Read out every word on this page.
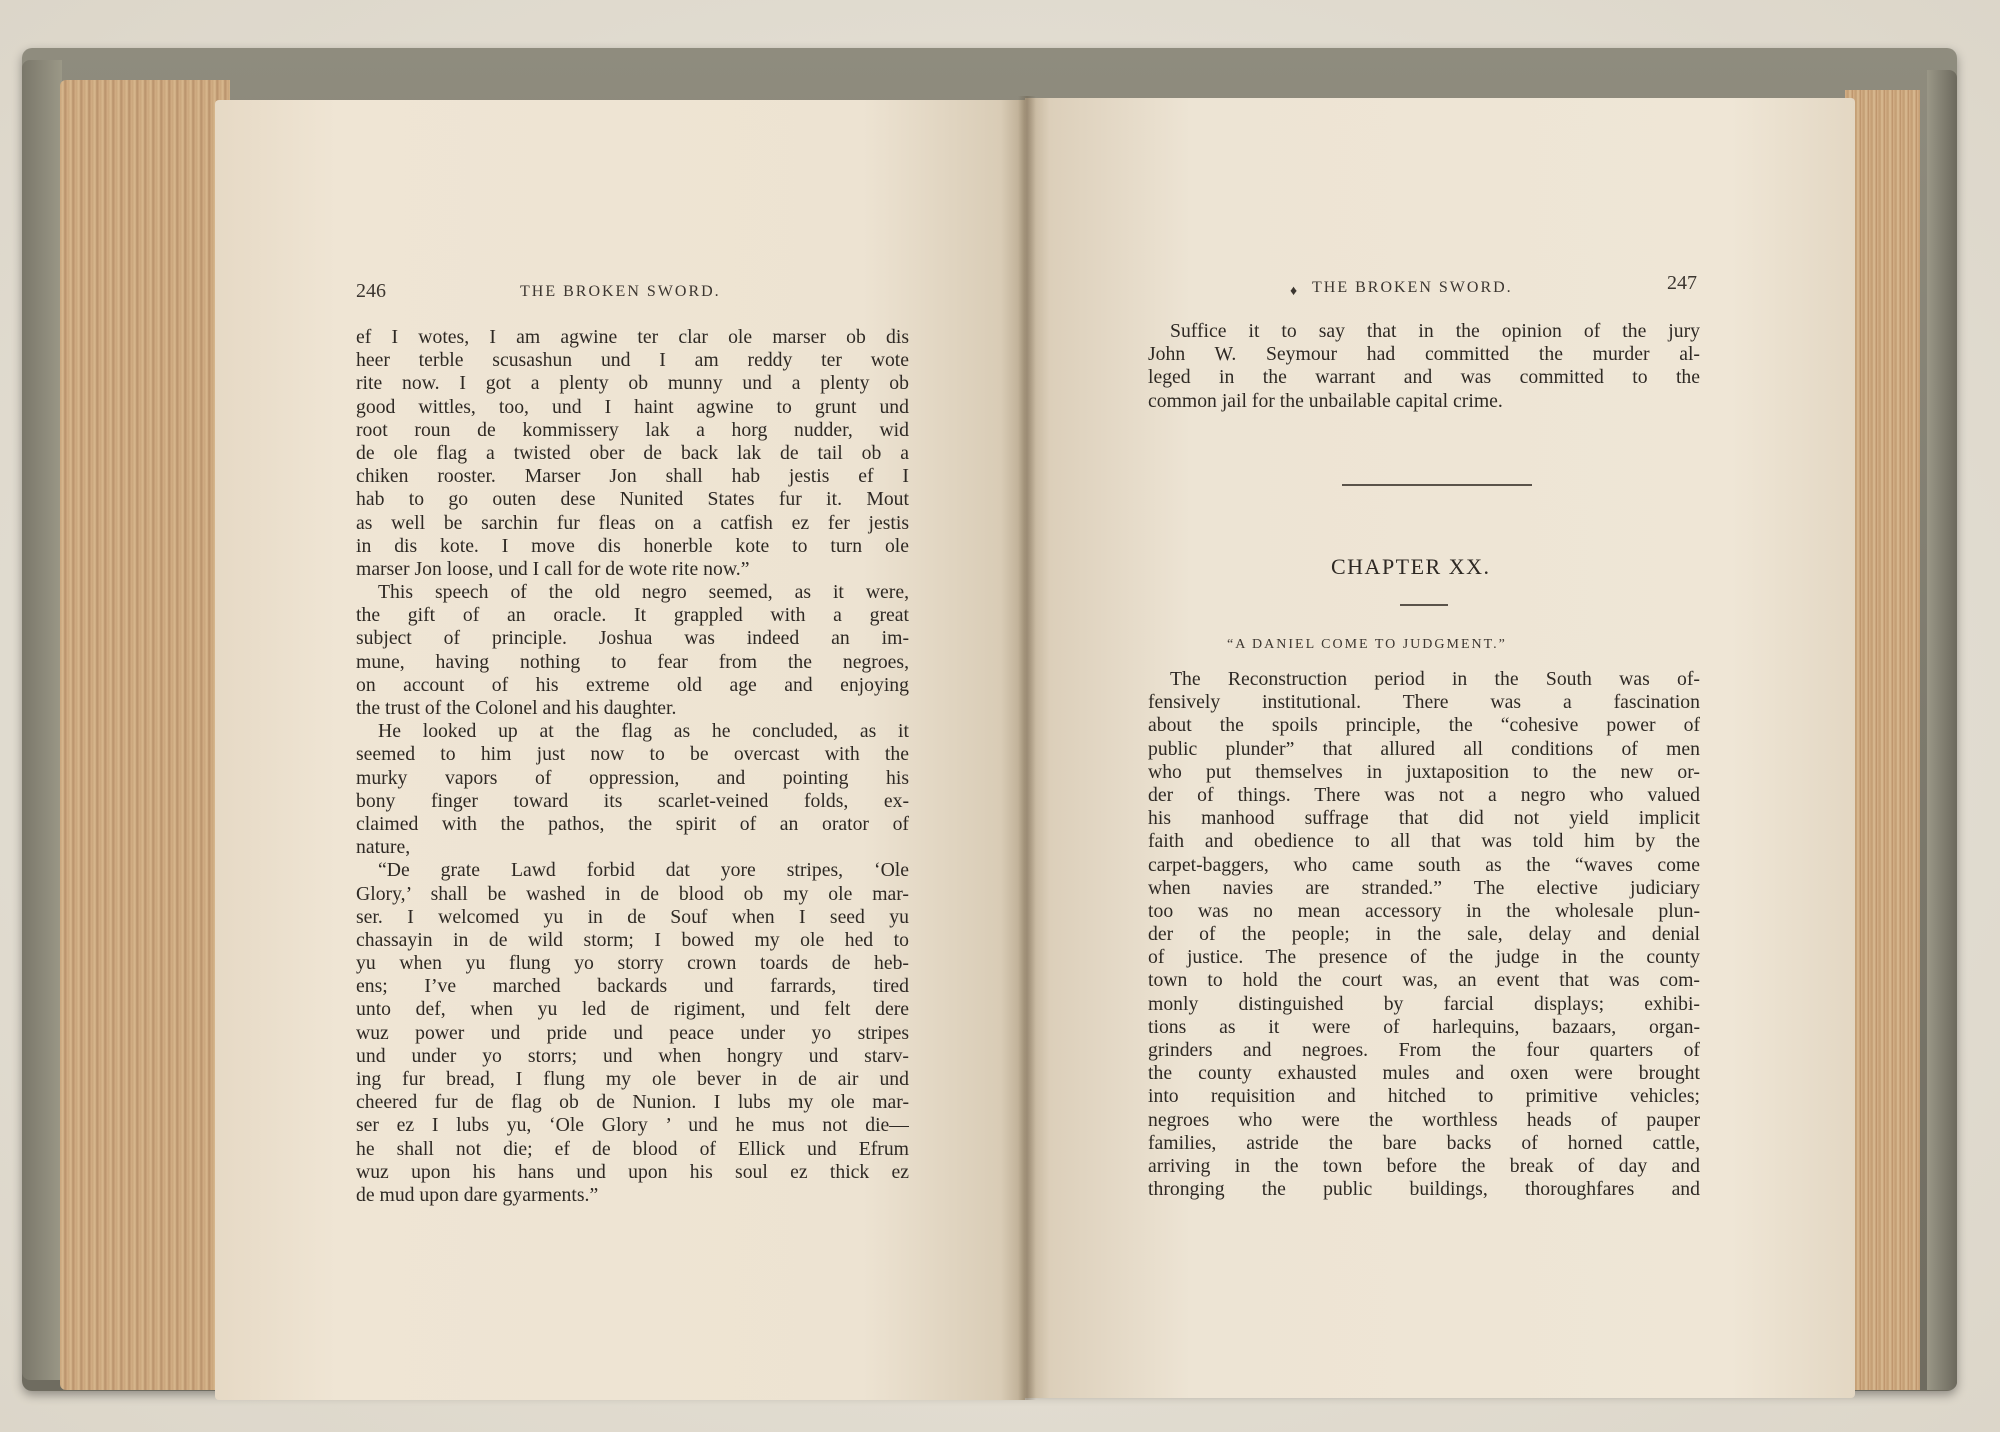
246	THE BROKEN SWORD.
ef I wotes, I am agwine ter clar ole marser ob dis
heer terble scusashun und I am reddy ter wote
rite now. I got a plenty ob munny und a plenty ob
good wittles, too, und I haint agwine to grunt und
root roun de kommissery lak a horg nudder, wid
de ole flag a twisted ober de back lak de tail ob a
chiken rooster. Marser Jon shall hab jestis ef I
hab to go outen dese Nunited States fur it. Mout
as well be sarchin fur fleas on a catfish ez fer jestis
in dis kote. I move dis honerble kote to turn ole
marser Jon loose, und I call for de wote rite now.”
This speech of the old negro seemed, as it were,
the gift of an oracle. It grappled with a great
subject of principle. Joshua was indeed an im-
mune, having nothing to fear from the negroes,
on account of his extreme old age and enjoying
the trust of the Colonel and his daughter.
He looked up at the flag as he concluded, as it
seemed to him just now to be overcast with the
murky vapors of oppression, and pointing his
bony finger toward its scarlet-veined folds, ex-
claimed with the pathos, the spirit of an orator of
nature,
“De grate Lawd forbid dat yore stripes, ‘Ole
Glory,’ shall be washed in de blood ob my ole mar-
ser. I welcomed yu in de Souf when I seed yu
chassayin in de wild storm; I bowed my ole hed to
yu when yu flung yo storry crown toards de heb-
ens; I’ve marched backards und farrards, tired
unto def, when yu led de rigiment, und felt dere
wuz power und pride und peace under yo stripes
und under yo storrs; und when hongry und starv-
ing fur bread, I flung my ole bever in de air und
cheered fur de flag ob de Nunion. I lubs my ole mar-
ser ez I lubs yu, ‘Ole Glory ’ und he mus not die—
he shall not die; ef de blood of Ellick und Efrum
wuz upon his hans und upon his soul ez thick ez
de mud upon dare gyarments.”
♦ THE BROKEN SWORD.	247
Suffice it to say that in the opinion of the jury
John W. Seymour had committed the murder al-
leged in the warrant and was committed to the
common jail for the unbailable capital crime.
CHAPTER XX.
“A DANIEL COME TO JUDGMENT.”
The Reconstruction period in the South was of-
fensively institutional. There was a fascination
about the spoils principle, the “cohesive power of
public plunder” that allured all conditions of men
who put themselves in juxtaposition to the new or-
der of things. There was not a negro who valued
his manhood suffrage that did not yield implicit
faith and obedience to all that was told him by the
carpet-baggers, who came south as the “waves come
when navies are stranded.” The elective judiciary
too was no mean accessory in the wholesale plun-
der of the people; in the sale, delay and denial
of justice. The presence of the judge in the county
town to hold the court was, an event that was com-
monly distinguished by farcial displays; exhibi-
tions as it were of harlequins, bazaars, organ-
grinders and negroes. From the four quarters of
the county exhausted mules and oxen were brought
into requisition and hitched to primitive vehicles;
negroes who were the worthless heads of pauper
families, astride the bare backs of horned cattle,
arriving in the town before the break of day and
thronging the public buildings, thoroughfares and
